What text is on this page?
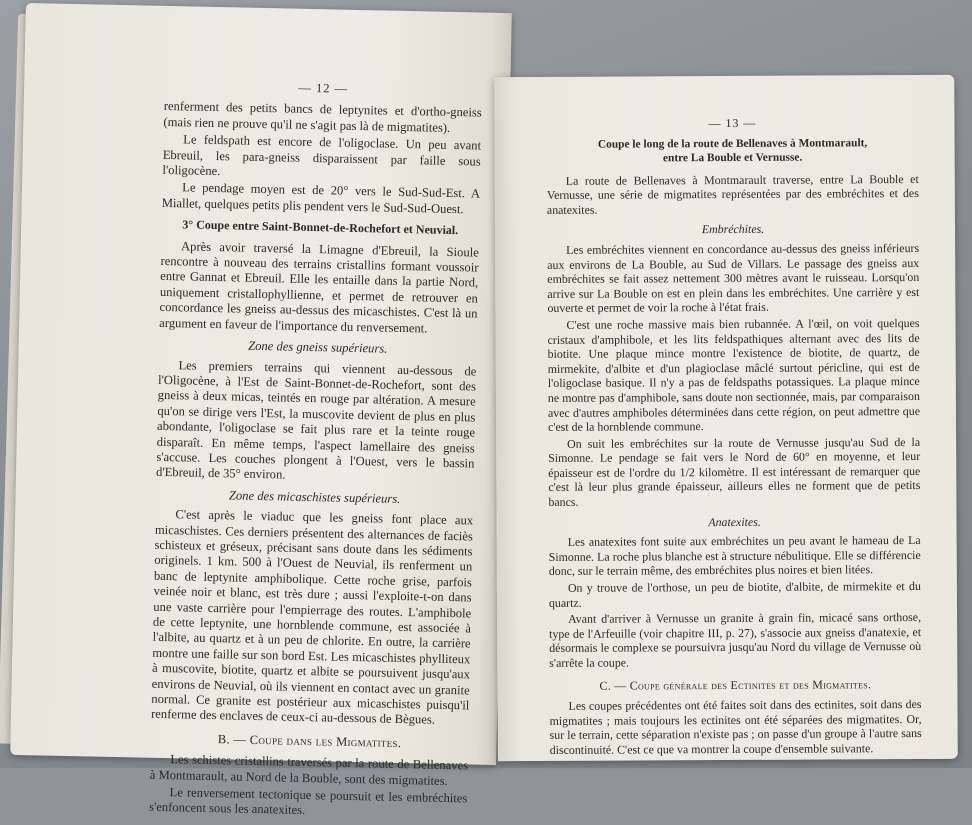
— 12 —

renferment des petits bancs de leptynites et d'ortho-gneiss (mais rien ne prouve qu'il ne s'agit pas là de migmatites).

Le feldspath est encore de l'oligoclase. Un peu avant Ebreuil, les para-gneiss disparaissent par faille sous l'oligocène.

Le pendage moyen est de 20° vers le Sud-Sud-Est. A Miallet, quelques petits plis pendent vers le Sud-Sud-Ouest.

3° Coupe entre Saint-Bonnet-de-Rochefort et Neuvial.

Après avoir traversé la Limagne d'Ebreuil, la Sioule rencontre à nouveau des terrains cristallins formant voussoir entre Gannat et Ebreuil. Elle les entaille dans la partie Nord, uniquement cristallophyllienne, et permet de retrouver en concordance les gneiss au-dessus des micaschistes. C'est là un argument en faveur de l'importance du renversement.

Zone des gneiss supérieurs.

Les premiers terrains qui viennent au-dessous de l'Oligocène, à l'Est de Saint-Bonnet-de-Rochefort, sont des gneiss à deux micas, teintés en rouge par altération. A mesure qu'on se dirige vers l'Est, la muscovite devient de plus en plus abondante, l'oligoclase se fait plus rare et la teinte rouge disparaît. En même temps, l'aspect lamellaire des gneiss s'accuse. Les couches plongent à l'Ouest, vers le bassin d'Ebreuil, de 35° environ.

Zone des micaschistes supérieurs.

C'est après le viaduc que les gneiss font place aux micaschistes. Ces derniers présentent des alternances de faciès schisteux et gréseux, précisant sans doute dans les sédiments originels. 1 km. 500 à l'Ouest de Neuvial, ils renferment un banc de leptynite amphibolique. Cette roche grise, parfois veinée noir et blanc, est très dure ; aussi l'exploite-t-on dans une vaste carrière pour l'empierrage des routes. L'amphibole de cette leptynite, une hornblende commune, est associée à l'albite, au quartz et à un peu de chlorite. En outre, la carrière montre une faille sur son bord Est. Les micaschistes phylliteux à muscovite, biotite, quartz et albite se poursuivent jusqu'aux environs de Neuvial, où ils viennent en contact avec un granite normal. Ce granite est postérieur aux micaschistes puisqu'il renferme des enclaves de ceux-ci au-dessous de Bègues.

B. — Coupe dans les Migmatites.

Les schistes cristallins traversés par la route de Bellenaves à Montmarault, au Nord de la Bouble, sont des migmatites.

Le renversement tectonique se poursuit et les embréchites s'enfoncent sous les anatexites.

— 13 —
Coupe le long de la route de Bellenaves à Montmarault,
entre La Bouble et Vernusse.

La route de Bellenaves à Montmarault traverse, entre La Bouble et Vernusse, une série de migmatites représentées par des embréchites et des anatexites.

Embréchites.

Les embréchites viennent en concordance au-dessus des gneiss inférieurs aux environs de La Bouble, au Sud de Villars. Le passage des gneiss aux embréchites se fait assez nettement 300 mètres avant le ruisseau. Lorsqu'on arrive sur La Bouble on est en plein dans les embréchites. Une carrière y est ouverte et permet de voir la roche à l'état frais.

C'est une roche massive mais bien rubannée. A l'œil, on voit quelques cristaux d'amphibole, et les lits feldspathiques alternant avec des lits de biotite. Une plaque mince montre l'existence de biotite, de quartz, de mirmekite, d'albite et d'un plagioclase mâclé surtout péricline, qui est de l'oligoclase basique. Il n'y a pas de feldspaths potassiques. La plaque mince ne montre pas d'amphibole, sans doute non sectionnée, mais, par comparaison avec d'autres amphiboles déterminées dans cette région, on peut admettre que c'est de la hornblende commune.

On suit les embréchites sur la route de Vernusse jusqu'au Sud de la Simonne. Le pendage se fait vers le Nord de 60° en moyenne, et leur épaisseur est de l'ordre du 1/2 kilomètre. Il est intéressant de remarquer que c'est là leur plus grande épaisseur, ailleurs elles ne forment que de petits bancs.

Anatexites.

Les anatexites font suite aux embréchites un peu avant le hameau de La Simonne. La roche plus blanche est à structure nébulitique. Elle se différencie donc, sur le terrain même, des embréchites plus noires et bien litées.

On y trouve de l'orthose, un peu de biotite, d'albite, de mirmekite et du quartz.

Avant d'arriver à Vernusse un granite à grain fin, micacé sans orthose, type de l'Arfeuille (voir chapitre III, p. 27), s'associe aux gneiss d'anatexie, et désormais le complexe se poursuivra jusqu'au Nord du village de Vernusse où s'arrête la coupe.

C. — Coupe générale des Ectinites et des Migmatites.

Les coupes précédentes ont été faites soit dans des ectinites, soit dans des migmatites ; mais toujours les ectinites ont été séparées des migmatites. Or, sur le terrain, cette séparation n'existe pas ; on passe d'un groupe à l'autre sans discontinuité. C'est ce que va montrer la coupe d'ensemble suivante.
